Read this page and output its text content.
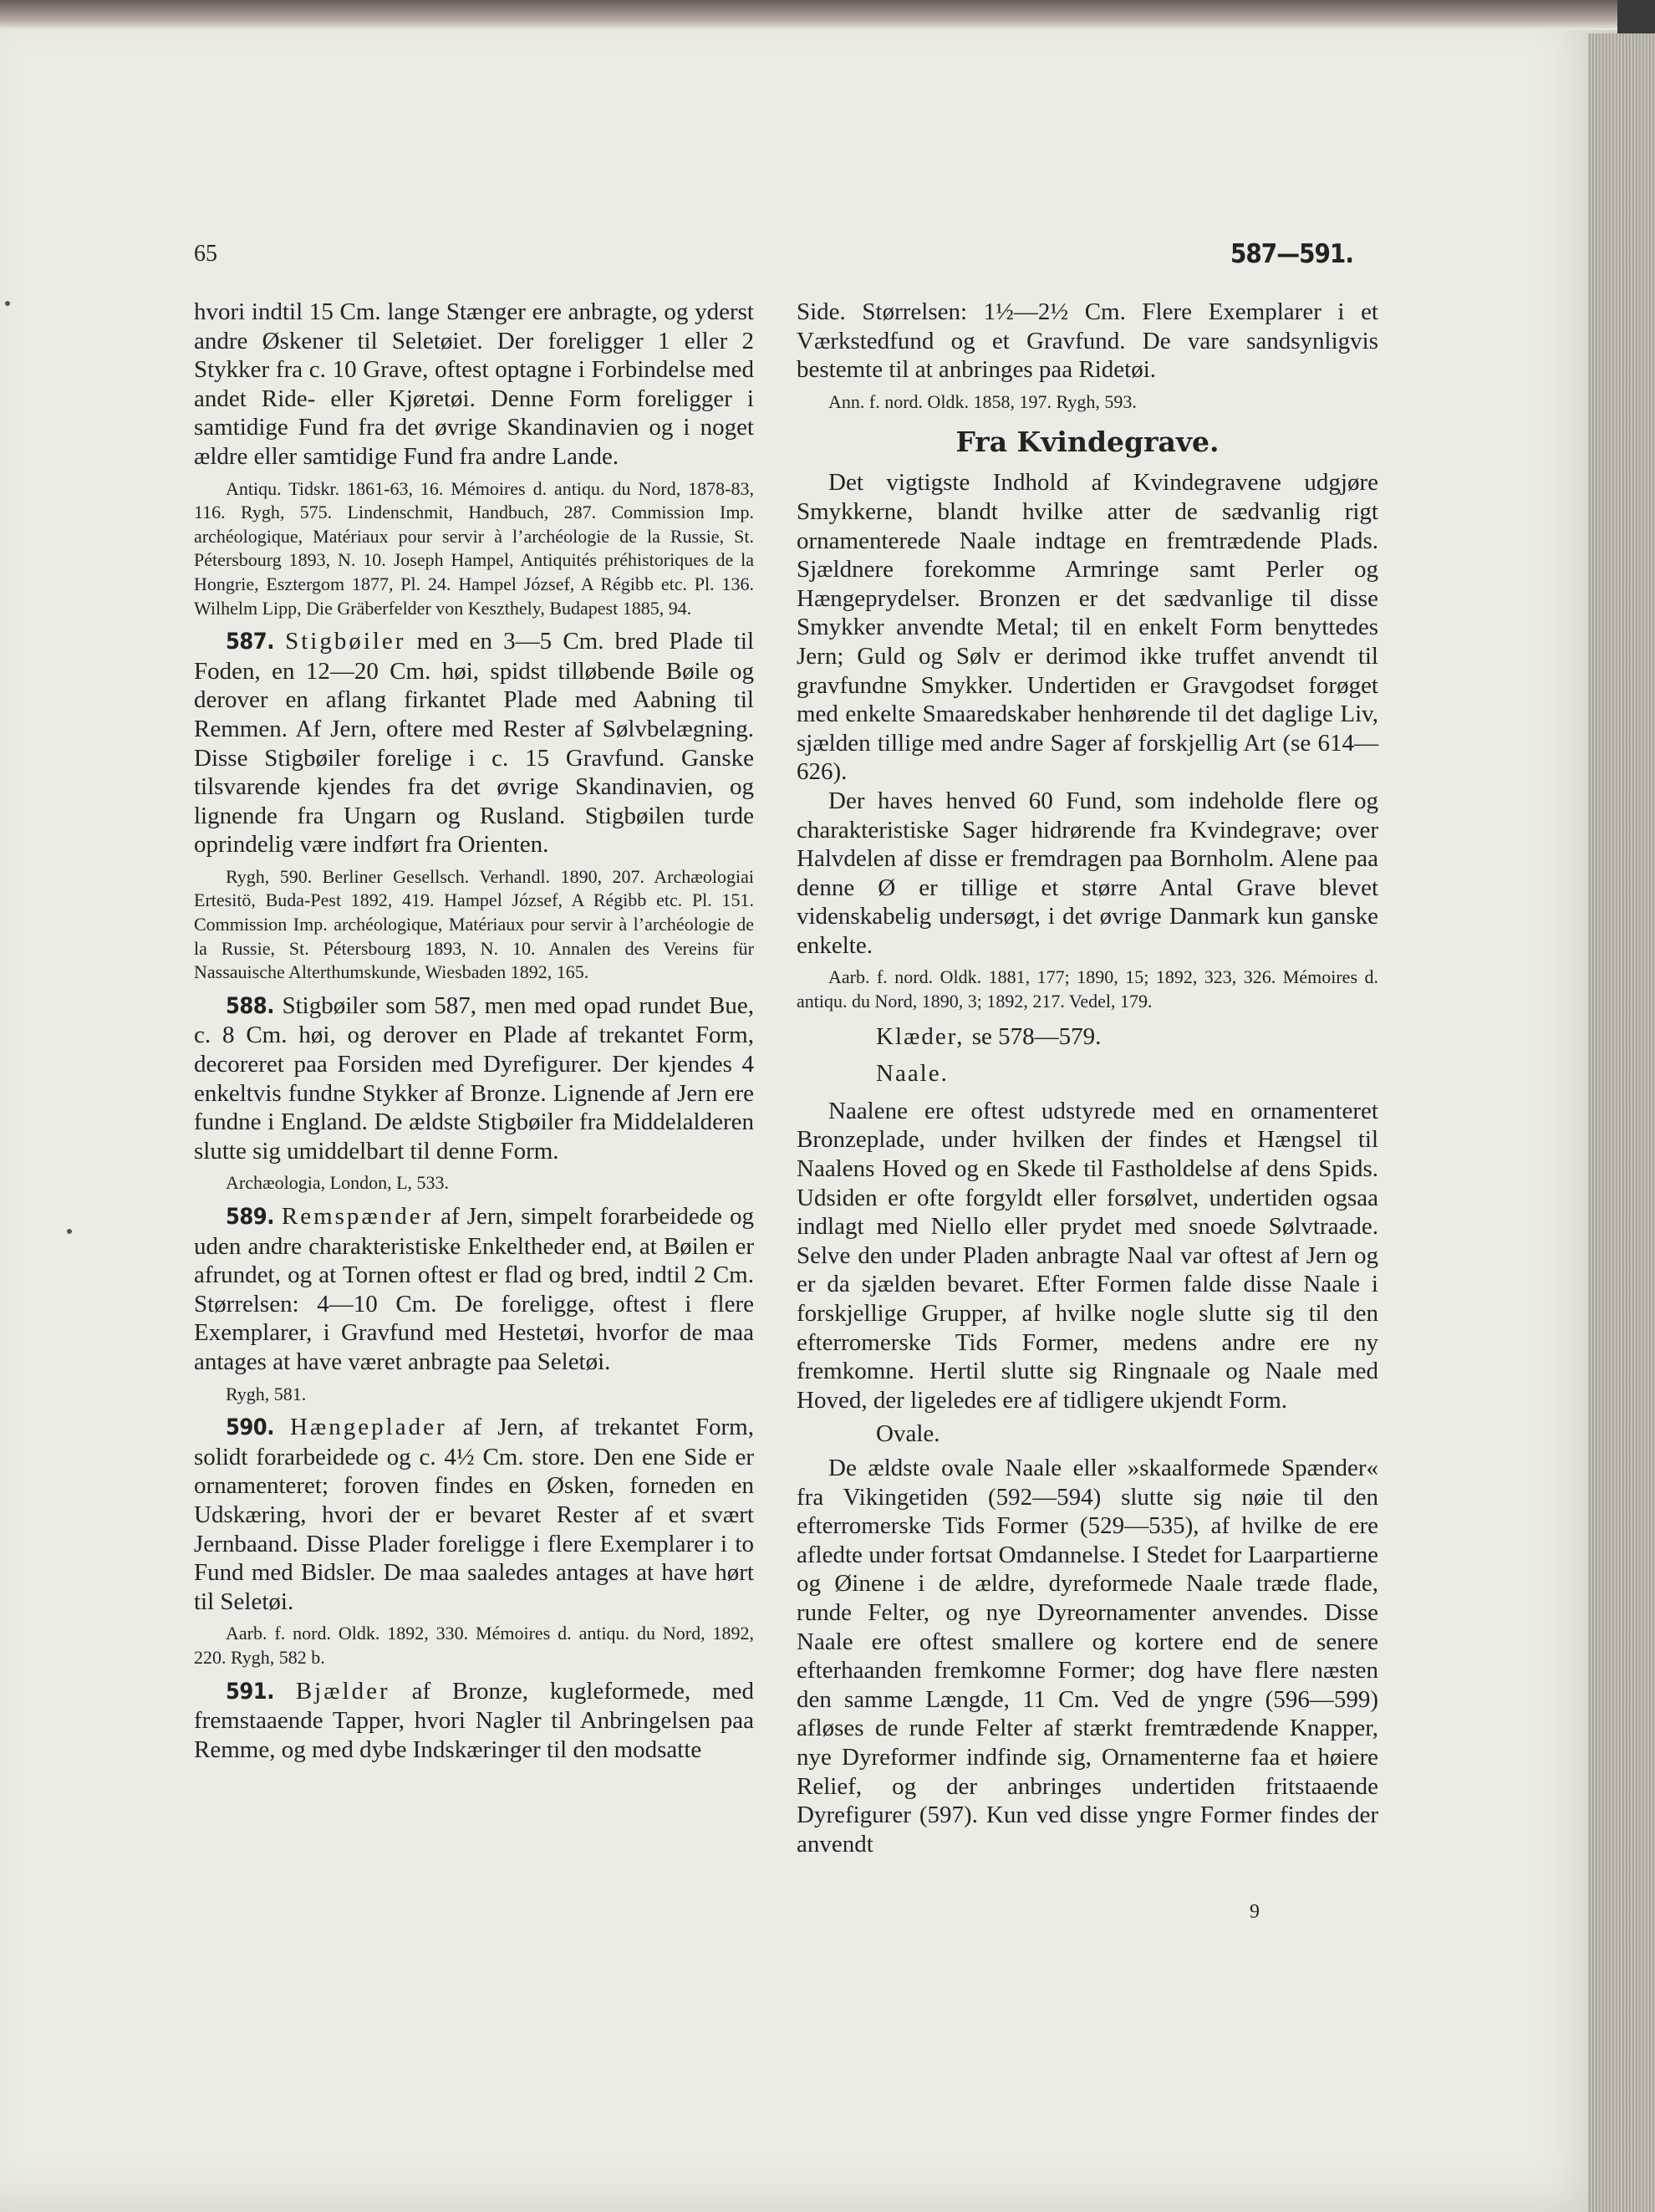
65	587—591.

hvori indtil 15 Cm. lange Stænger ere anbragte, og yderst andre Øskener til Seletøiet. Der foreligger 1 eller 2 Stykker fra c. 10 Grave, oftest optagne i Forbindelse med andet Ride- eller Kjøretøi. Denne Form foreligger i samtidige Fund fra det øvrige Skandinavien og i noget ældre eller samtidige Fund fra andre Lande.

Antiqu. Tidskr. 1861-63, 16. Mémoires d. antiqu. du Nord, 1878-83, 116. Rygh, 575. Lindenschmit, Handbuch, 287. Commission Imp. archéologique, Matériaux pour servir à l’archéologie de la Russie, St. Pétersbourg 1893, N. 10. Joseph Hampel, Antiquités préhistoriques de la Hongrie, Esztergom 1877, Pl. 24. Hampel József, A Régibb etc. Pl. 136. Wilhelm Lipp, Die Gräberfelder von Keszthely, Budapest 1885, 94.

587. Stigbøiler med en 3—5 Cm. bred Plade til Foden, en 12—20 Cm. høi, spidst tilløbende Bøile og derover en aflang firkantet Plade med Aabning til Remmen. Af Jern, oftere med Rester af Sølvbelægning. Disse Stigbøiler forelige i c. 15 Gravfund. Ganske tilsvarende kjendes fra det øvrige Skandinavien, og lignende fra Ungarn og Rusland. Stigbøilen turde oprindelig være indført fra Orienten.

Rygh, 590. Berliner Gesellsch. Verhandl. 1890, 207. Archæologiai Ertesitö, Buda-Pest 1892, 419. Hampel József, A Régibb etc. Pl. 151. Commission Imp. archéologique, Matériaux pour servir à l’archéologie de la Russie, St. Pétersbourg 1893, N. 10. Annalen des Vereins für Nassauische Alterthumskunde, Wiesbaden 1892, 165.

588. Stigbøiler som 587, men med opad rundet Bue, c. 8 Cm. høi, og derover en Plade af trekantet Form, decoreret paa Forsiden med Dyrefigurer. Der kjendes 4 enkeltvis fundne Stykker af Bronze. Lignende af Jern ere fundne i England. De ældste Stigbøiler fra Middelalderen slutte sig umiddelbart til denne Form.

Archæologia, London, L, 533.

589. Remspænder af Jern, simpelt forarbeidede og uden andre charakteristiske Enkeltheder end, at Bøilen er afrundet, og at Tornen oftest er flad og bred, indtil 2 Cm. Størrelsen: 4—10 Cm. De foreligge, oftest i flere Exemplarer, i Gravfund med Hestetøi, hvorfor de maa antages at have været anbragte paa Seletøi.

Rygh, 581.

590. Hængeplader af Jern, af trekantet Form, solidt forarbeidede og c. 4½ Cm. store. Den ene Side er ornamenteret; foroven findes en Øsken, forneden en Udskæring, hvori der er bevaret Rester af et svært Jernbaand. Disse Plader foreligge i flere Exemplarer i to Fund med Bidsler. De maa saaledes antages at have hørt til Seletøi.

Aarb. f. nord. Oldk. 1892, 330. Mémoires d. antiqu. du Nord, 1892, 220. Rygh, 582 b.

591. Bjælder af Bronze, kugleformede, med fremstaaende Tapper, hvori Nagler til Anbringelsen paa Remme, og med dybe Indskæringer til den modsatte

Side. Størrelsen: 1½—2½ Cm. Flere Exemplarer i et Værkstedfund og et Gravfund. De vare sandsynligvis bestemte til at anbringes paa Ridetøi.

Ann. f. nord. Oldk. 1858, 197. Rygh, 593.

Fra Kvindegrave.

Det vigtigste Indhold af Kvindegravene udgjøre Smykkerne, blandt hvilke atter de sædvanlig rigt ornamenterede Naale indtage en fremtrædende Plads. Sjældnere forekomme Armringe samt Perler og Hængeprydelser. Bronzen er det sædvanlige til disse Smykker anvendte Metal; til en enkelt Form benyttedes Jern; Guld og Sølv er derimod ikke truffet anvendt til gravfundne Smykker. Undertiden er Gravgodset forøget med enkelte Smaaredskaber henhørende til det daglige Liv, sjælden tillige med andre Sager af forskjellig Art (se 614—626).

Der haves henved 60 Fund, som indeholde flere og charakteristiske Sager hidrørende fra Kvindegrave; over Halvdelen af disse er fremdragen paa Bornholm. Alene paa denne Ø er tillige et større Antal Grave blevet videnskabelig undersøgt, i det øvrige Danmark kun ganske enkelte.

Aarb. f. nord. Oldk. 1881, 177; 1890, 15; 1892, 323, 326. Mémoires d. antiqu. du Nord, 1890, 3; 1892, 217. Vedel, 179.

Klæder, se 578—579.
Naale.

Naalene ere oftest udstyrede med en ornamenteret Bronzeplade, under hvilken der findes et Hængsel til Naalens Hoved og en Skede til Fastholdelse af dens Spids. Udsiden er ofte forgyldt eller forsølvet, undertiden ogsaa indlagt med Niello eller prydet med snoede Sølvtraade. Selve den under Pladen anbragte Naal var oftest af Jern og er da sjælden bevaret. Efter Formen falde disse Naale i forskjellige Grupper, af hvilke nogle slutte sig til den efterromerske Tids Former, medens andre ere ny fremkomne. Hertil slutte sig Ringnaale og Naale med Hoved, der ligeledes ere af tidligere ukjendt Form.

Ovale.

De ældste ovale Naale eller »skaalformede Spænder« fra Vikingetiden (592—594) slutte sig nøie til den efterromerske Tids Former (529—535), af hvilke de ere afledte under fortsat Omdannelse. I Stedet for Laarpartierne og Øinene i de ældre, dyreformede Naale træde flade, runde Felter, og nye Dyreornamenter anvendes. Disse Naale ere oftest smallere og kortere end de senere efterhaanden fremkomne Former; dog have flere næsten den samme Længde, 11 Cm. Ved de yngre (596—599) afløses de runde Felter af stærkt fremtrædende Knapper, nye Dyreformer indfinde sig, Ornamenterne faa et høiere Relief, og der anbringes undertiden fritstaaende Dyrefigurer (597). Kun ved disse yngre Former findes der anvendt

9
